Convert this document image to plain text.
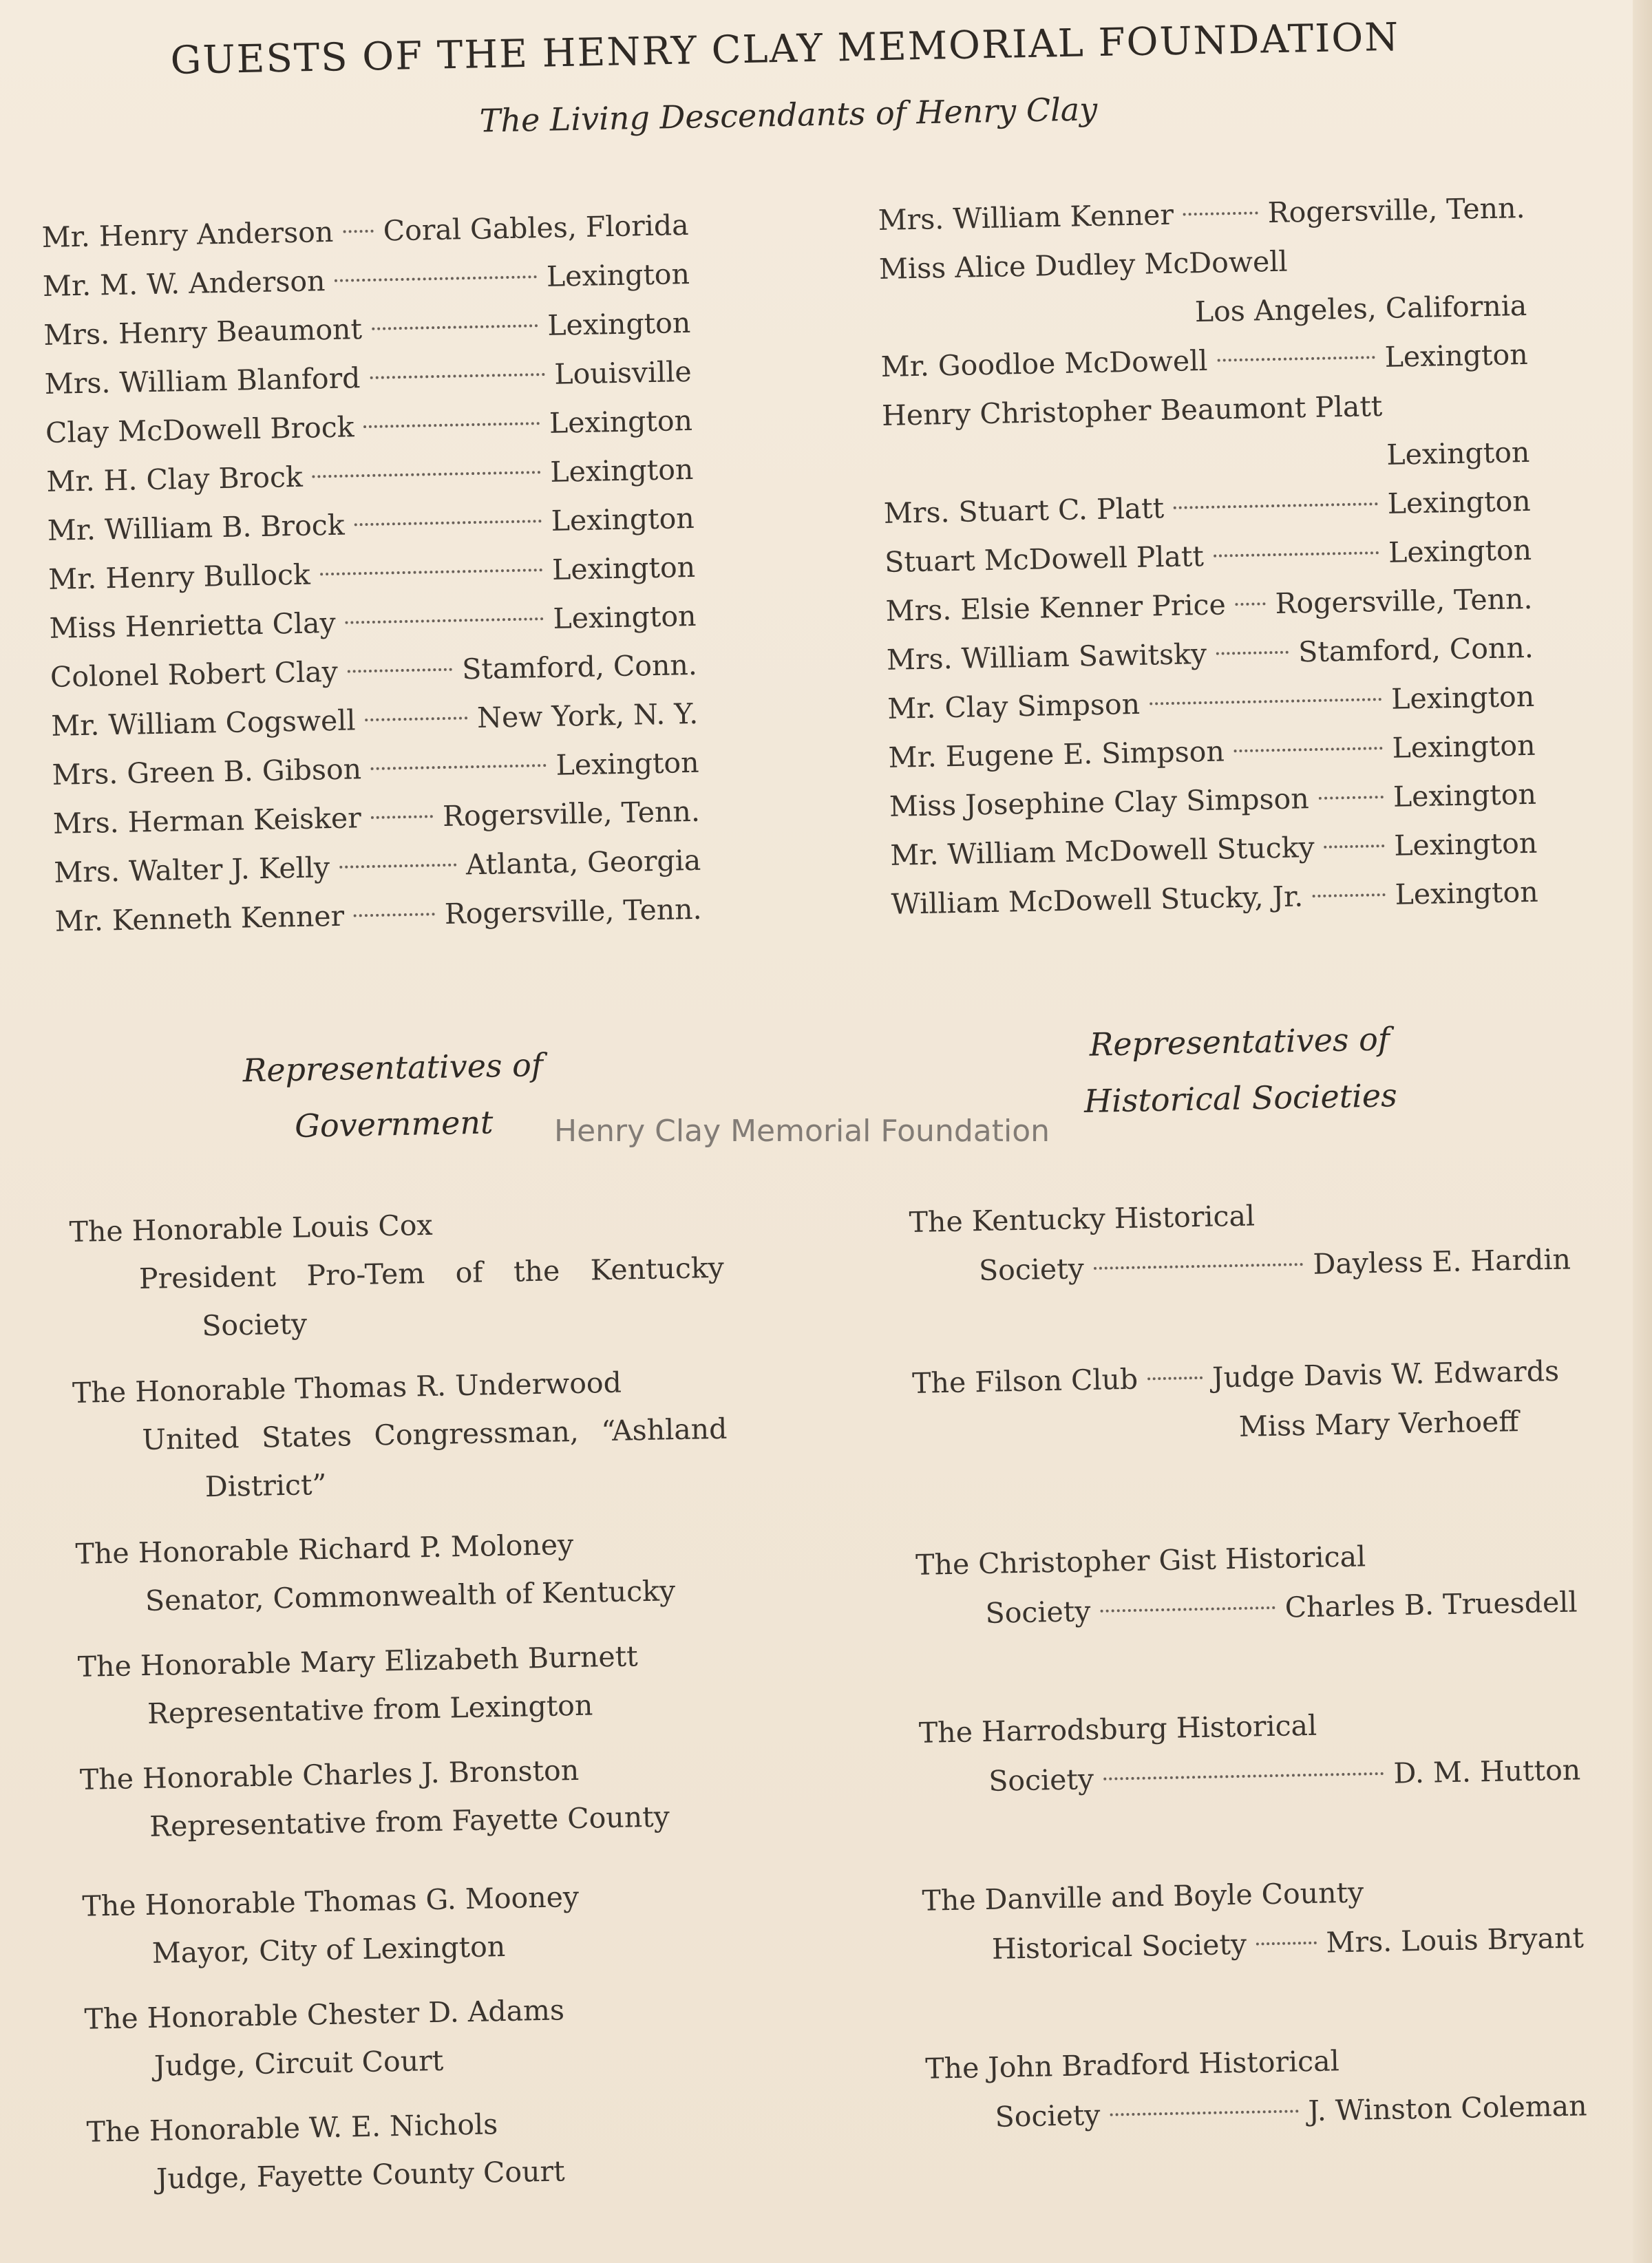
GUESTS OF THE HENRY CLAY MEMORIAL FOUNDATION
The Living Descendants of Henry Clay
Mr. Henry Anderson Coral Gables, Florida
Mr. M. W. Anderson	Lexington
Mrs. Henry Beaumont	Lexington
Mrs. William Blanford	Louisville
Clay McDowell Brock	Lexington
Mr. H. Clay Brock	Lexington
Mr. William B. Brock	Lexington
Mr. Henry Bullock	Lexington
Miss Henrietta Clay	Lexington
Colonel Robert Clay	Stamford, Conn.
Mr. William Cogswell	New York, N. Y.
Mrs. Green B. Gibson	Lexington
Mrs. Herman Keisker	Rogersville, Tenn.
Mrs. Walter J. Kelly	Atlanta, Georgia
Mr. Kenneth Kenner	Rogersville, Tenn.
Mrs. William Kenner	Rogersville, Tenn.
Miss Alice Dudley McDowell
Los Angeles, California
Mr. Goodloe McDowell	Lexington
Henry Christopher Beaumont Platt
Lexington
Mrs. Stuart C. Platt	Lexington
Stuart McDowell Platt	Lexington
Mrs. Elsie Kenner Price Rogersville, Tenn.
Mrs. William Sawitsky	Stamford, Conn.
Mr. Clay Simpson	Lexington
Mr. Eugene E. Simpson	Lexington
Miss Josephine Clay Simpson	Lexington
Mr. William McDowell Stucky	Lexington
William McDowell Stucky, Jr.	Lexington
Representatives of
Government
Representatives of
Historical Societies
Henry Clay Memorial Foundation
The Honorable Louis Cox
President Pro-Tem of the Kentucky
Society
The Honorable Thomas R. Underwood
United States Congressman, “Ashland
District”
The Honorable Richard P. Moloney
Senator, Commonwealth of Kentucky
The Honorable Mary Elizabeth Burnett
Representative from Lexington
The Honorable Charles J. Bronston
Representative from Fayette County
The Honorable Thomas G. Mooney
Mayor, City of Lexington
The Honorable Chester D. Adams
Judge, Circuit Court
The Honorable W. E. Nichols
Judge, Fayette County Court
The Kentucky Historical
Society	Dayless E. Hardin
The Filson Club	Judge Davis W. Edwards
Miss Mary Verhoeff
The Christopher Gist Historical
Society	Charles B. Truesdell
The Harrodsburg Historical
Society	D. M. Hutton
The Danville and Boyle County
Historical Society	Mrs. Louis Bryant
The John Bradford Historical
Society	J. Winston Coleman
